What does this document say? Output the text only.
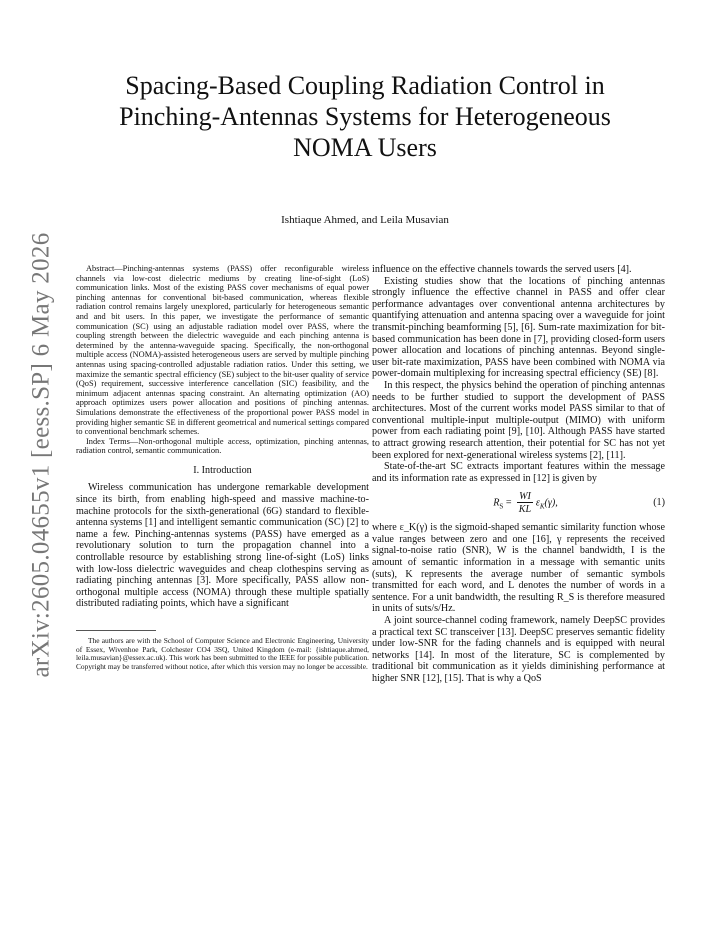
arXiv:2605.04655v1 [eess.SP] 6 May 2026
Spacing-Based Coupling Radiation Control in
Pinching-Antennas Systems for Heterogeneous
NOMA Users
Ishtiaque Ahmed, and Leila Musavian

Abstract—Pinching-antennas systems (PASS) offer reconfigurable wireless channels via low-cost dielectric mediums by creating line-of-sight (LoS) communication links. Most of the existing PASS cover mechanisms of equal power pinching antennas for conventional bit-based communication, whereas flexible radiation control remains largely unexplored, particularly for heterogeneous semantic and and bit users. In this paper, we investigate the performance of semantic communication (SC) using an adjustable radiation model over PASS, where the coupling strength between the dielectric waveguide and each pinching antenna is determined by the antenna-waveguide spacing. Specifically, the non-orthogonal multiple access (NOMA)-assisted heterogeneous users are served by multiple pinching antennas using spacing-controlled adjustable radiation ratios. Under this setting, we maximize the semantic spectral efficiency (SE) subject to the bit-user quality of service (QoS) requirement, successive interference cancellation (SIC) feasibility, and the minimum adjacent antennas spacing constraint. An alternating optimization (AO) approach optimizes users power allocation and positions of pinching antennas. Simulations demonstrate the effectiveness of the proportional power PASS model in providing higher semantic SE in different geometrical and numerical settings compared to conventional benchmark schemes.

Index Terms—Non-orthogonal multiple access, optimization, pinching antennas, radiation control, semantic communication.

I. Introduction

Wireless communication has undergone remarkable development since its birth, from enabling high-speed and massive machine-to-machine protocols for the sixth-generational (6G) standard to flexible-antenna systems [1] and intelligent semantic communication (SC) [2] to name a few. Pinching-antennas systems (PASS) have emerged as a revolutionary solution to turn the propagation channel into a controllable resource by establishing strong line-of-sight (LoS) links with low-loss dielectric waveguides and cheap clothespins serving as radiating pinching antennas [3]. More specifically, PASS allow non-orthogonal multiple access (NOMA) through these multiple spatially distributed radiating points, which have a significant

The authors are with the School of Computer Science and Electronic Engineering, University of Essex, Wivenhoe Park, Colchester CO4 3SQ, United Kingdom (e-mail: {ishtiaque.ahmed, leila.musavian}@essex.ac.uk). This work has been submitted to the IEEE for possible publication. Copyright may be transferred without notice, after which this version may no longer be accessible.

influence on the effective channels towards the served users [4].

Existing studies show that the locations of pinching antennas strongly influence the effective channel in PASS and offer clear performance advantages over conventional antenna architectures by quantifying attenuation and antenna spacing over a waveguide for joint transmit-pinching beamforming [5], [6]. Sum-rate maximization for bit-based communication has been done in [7], providing closed-form users power allocation and locations of pinching antennas. Beyond single-user bit-rate maximization, PASS have been combined with NOMA via power-domain multiplexing for increasing spectral efficiency (SE) [8].

In this respect, the physics behind the operation of pinching antennas needs to be further studied to support the development of PASS architectures. Most of the current works model PASS similar to that of conventional multiple-input multiple-output (MIMO) with uniform power from each radiating point [9], [10]. Although PASS have started to attract growing research attention, their potential for SC has not yet been explored for next-generational wireless systems [2], [11].

State-of-the-art SC extracts important features within the message and its information rate as expressed in [12] is given by

$R_S = \frac{WI}{KL} \varepsilon_K(\gamma)$,	(1)

where ε_K(γ) is the sigmoid-shaped semantic similarity function whose value ranges between zero and one [16], γ represents the received signal-to-noise ratio (SNR), W is the channel bandwidth, I is the amount of semantic information in a message with semantic units (suts), K represents the average number of semantic symbols transmitted for each word, and L denotes the number of words in a sentence. For a unit bandwidth, the resulting R_S is therefore measured in units of suts/s/Hz.

A joint source-channel coding framework, namely DeepSC provides a practical text SC transceiver [13]. DeepSC preserves semantic fidelity under low-SNR for the fading channels and is equipped with neural networks [14]. In most of the literature, SC is complemented by traditional bit communication as it yields diminishing performance at higher SNR [12], [15]. That is why a QoS
